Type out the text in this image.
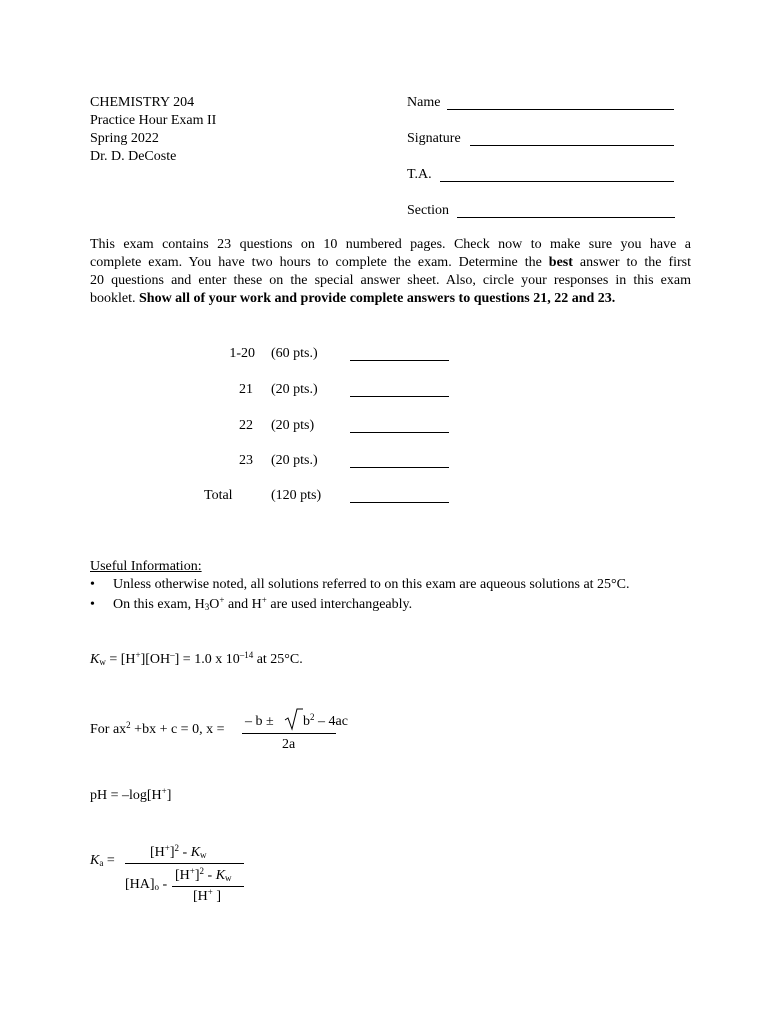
CHEMISTRY 204
Practice Hour Exam II
Spring 2022
Dr. D. DeCoste
Name
Signature
T.A.
Section
This exam contains 23 questions on 10 numbered pages. Check now to make sure you have a
complete exam. You have two hours to complete the exam. Determine the best answer to the first
20 questions and enter these on the special answer sheet. Also, circle your responses in this exam
booklet. Show all of your work and provide complete answers to questions 21, 22 and 23.
1-20 (60 pts.)
21 (20 pts.)
22 (20 pts)
23 (20 pts.)
Total	(120 pts)
Useful Information:
• Unless otherwise noted, all solutions referred to on this exam are aqueous solutions at 25°C.
• On this exam, $H_3O^+$ and H+ are used interchangeably.
$K_w = [H^+][OH^-] = 1.0$ x $10^{-14}$ at 25°C.
For $ax^2 +bx + c = 0$, x =
– $b \pm b^2 - 4ac$
2a
pH = –log[H+]
$K_a$ =
$[H^+]^2 - K_w$
$[HA]_o$ -
$[H^+]^2 - K_w$
[H+ ]
